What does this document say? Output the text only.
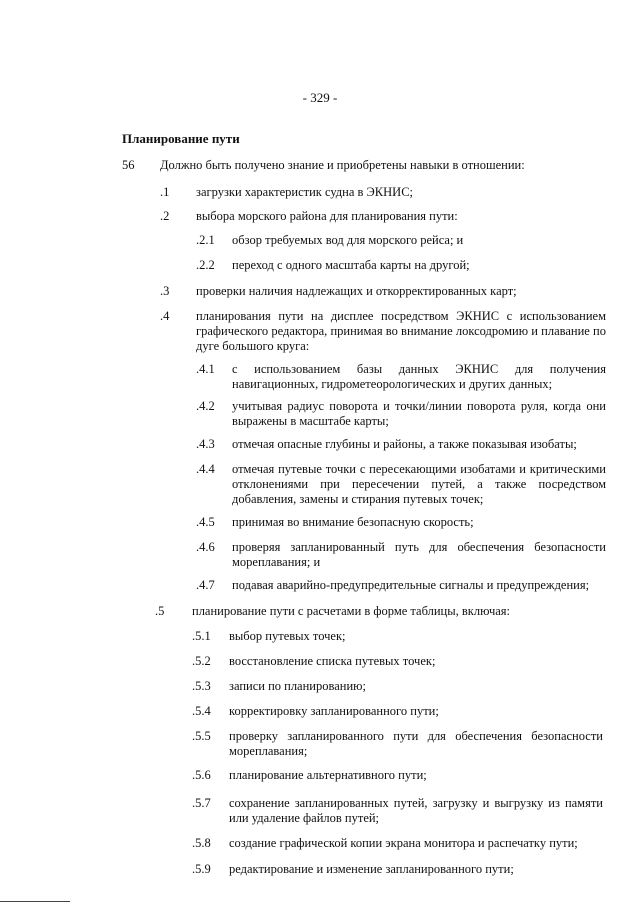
- 329 -
Планирование пути
56 Должно быть получено знание и приобретены навыки в отношении:
.1 загрузки характеристик судна в ЭКНИС;
.2 выбора морского района для планирования пути:
.2.1 обзор требуемых вод для морского рейса; и
.2.2 переход с одного масштаба карты на другой;
.3 проверки наличия надлежащих и откорректированных карт;
.4 планирования пути на дисплее посредством ЭКНИС с использованием графического редактора, принимая во внимание локсодромию и плавание по дуге большого круга:
.4.1 с использованием базы данных ЭКНИС для получения навигационных, гидрометеорологических и других данных;
.4.2 учитывая радиус поворота и точки/линии поворота руля, когда они выражены в масштабе карты;
.4.3 отмечая опасные глубины и районы, а также показывая изобаты;
.4.4 отмечая путевые точки с пересекающими изобатами и критическими отклонениями при пересечении путей, а также посредством добавления, замены и стирания путевых точек;
.4.5 принимая во внимание безопасную скорость;
.4.6 проверяя запланированный путь для обеспечения безопасности мореплавания; и
.4.7 подавая аварийно-предупредительные сигналы и предупреждения;
.5 планирование пути с расчетами в форме таблицы, включая:
.5.1 выбор путевых точек;
.5.2 восстановление списка путевых точек;
.5.3 записи по планированию;
.5.4 корректировку запланированного пути;
.5.5 проверку запланированного пути для обеспечения безопасности мореплавания;
.5.6 планирование альтернативного пути;
.5.7 сохранение запланированных путей, загрузку и выгрузку из памяти или удаление файлов путей;
.5.8 создание графической копии экрана монитора и распечатку пути;
.5.9 редактирование и изменение запланированного пути;
